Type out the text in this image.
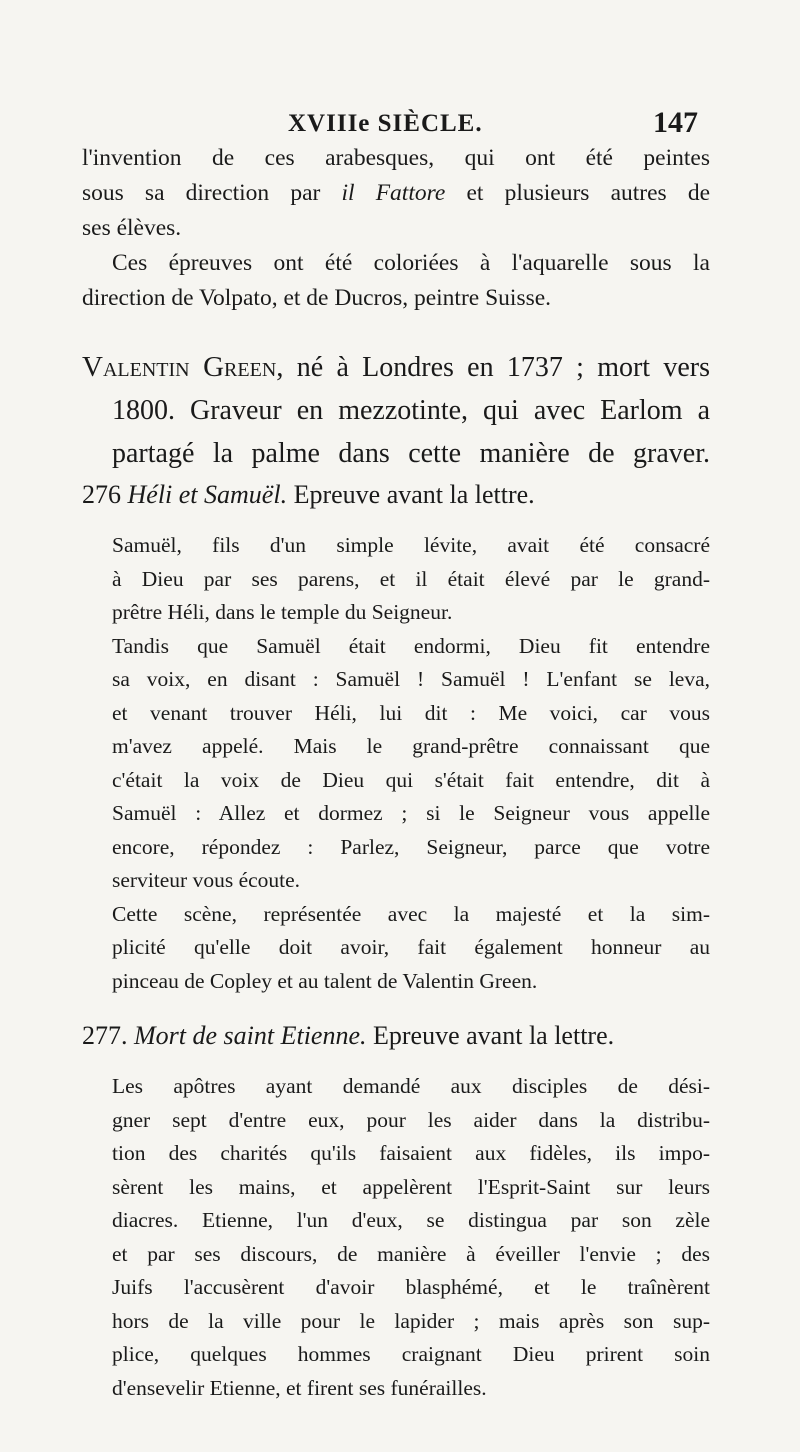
XVIIIe SIÈCLE.	147
l'invention de ces arabesques, qui ont été peintes
sous sa direction par il Fattore et plusieurs autres de
ses élèves.
Ces épreuves ont été coloriées à l'aquarelle sous la
direction de Volpato, et de Ducros, peintre Suisse.
Valentin Green, né à Londres en 1737 ; mort vers
1800. Graveur en mezzotinte, qui avec Earlom a
partagé la palme dans cette manière de graver.
276 Héli et Samuël. Epreuve avant la lettre.
Samuël, fils d'un simple lévite, avait été consacré
à Dieu par ses parens, et il était élevé par le grand-
prêtre Héli, dans le temple du Seigneur.
Tandis que Samuël était endormi, Dieu fit entendre
sa voix, en disant : Samuël ! Samuël ! L'enfant se leva,
et venant trouver Héli, lui dit : Me voici, car vous
m'avez appelé. Mais le grand-prêtre connaissant que
c'était la voix de Dieu qui s'était fait entendre, dit à
Samuël : Allez et dormez ; si le Seigneur vous appelle
encore, répondez : Parlez, Seigneur, parce que votre
serviteur vous écoute.
Cette scène, représentée avec la majesté et la sim-
plicité qu'elle doit avoir, fait également honneur au
pinceau de Copley et au talent de Valentin Green.
277. Mort de saint Etienne. Epreuve avant la lettre.
Les apôtres ayant demandé aux disciples de dési-
gner sept d'entre eux, pour les aider dans la distribu-
tion des charités qu'ils faisaient aux fidèles, ils impo-
sèrent les mains, et appelèrent l'Esprit-Saint sur leurs
diacres. Etienne, l'un d'eux, se distingua par son zèle
et par ses discours, de manière à éveiller l'envie ; des
Juifs l'accusèrent d'avoir blasphémé, et le traînèrent
hors de la ville pour le lapider ; mais après son sup-
plice, quelques hommes craignant Dieu prirent soin
d'ensevelir Etienne, et firent ses funérailles.
